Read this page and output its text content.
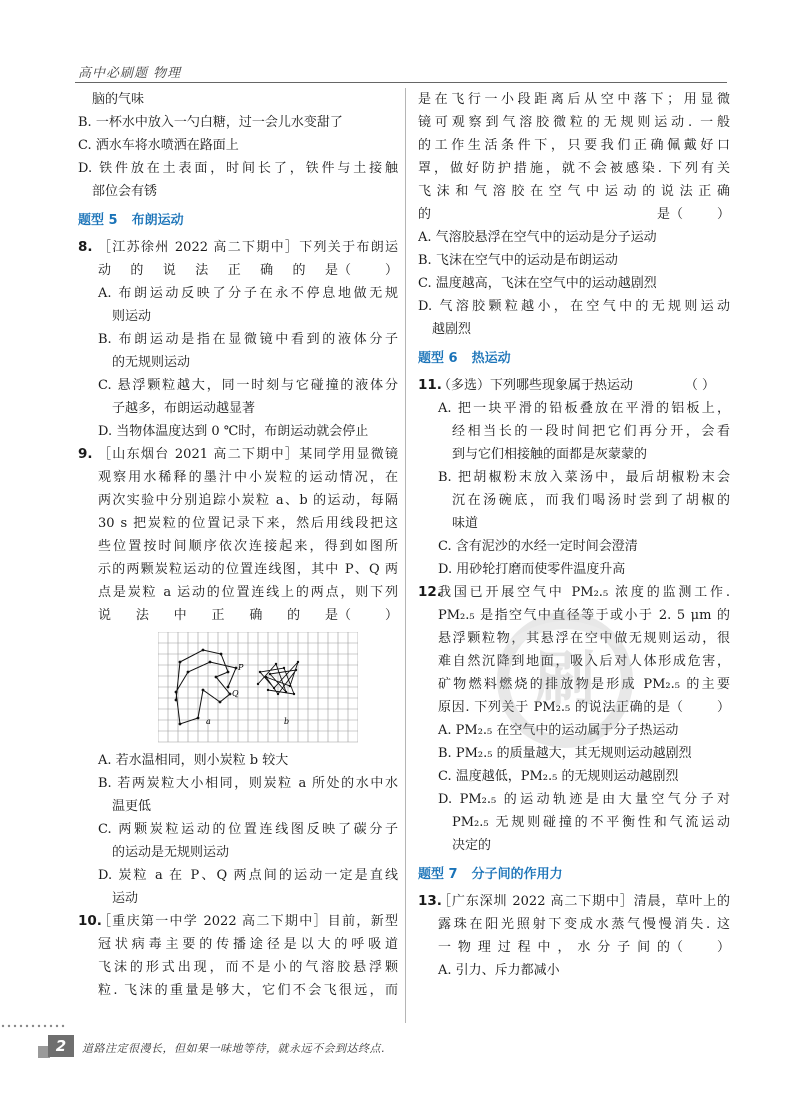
高中必刷题 物理
脑的气味
B. 一杯水中放入一勺白糖，过一会儿水变甜了
C. 洒水车将水喷洒在路面上
D. 铁件放在土表面，时间长了，铁件与土接触
部位会有锈
题型 5 布朗运动
8. ［江苏徐州 2022 高二下期中］下列关于布朗运
动的说法正确的是 （ ）
A. 布朗运动反映了分子在永不停息地做无规
则运动
B. 布朗运动是指在显微镜中看到的液体分子
的无规则运动
C. 悬浮颗粒越大，同一时刻与它碰撞的液体分
子越多，布朗运动越显著
D. 当物体温度达到 0 ℃时，布朗运动就会停止
9. ［山东烟台 2021 高二下期中］某同学用显微镜
观察用水稀释的墨汁中小炭粒的运动情况，在
两次实验中分别追踪小炭粒 a、b 的运动，每隔
30 s 把炭粒的位置记录下来，然后用线段把这
些位置按时间顺序依次连接起来，得到如图所
示的两颗炭粒运动的位置连线图，其中 P、Q 两
点是炭粒 a 运动的位置连线上的两点，则下列
说法中正确的是 （ ）
P
Q
a	b
A. 若水温相同，则小炭粒 b 较大
B. 若两炭粒大小相同，则炭粒 a 所处的水中水
温更低
C. 两颗炭粒运动的位置连线图反映了碳分子
的运动是无规则运动
D. 炭粒 a 在 P、Q 两点间的运动一定是直线
运动
10.
［重庆第一中学 2022 高二下期中］目前，新型
冠状病毒主要的传播途径是以大的呼吸道
飞沫的形式出现，而不是小的气溶胶悬浮颗
粒. 飞沫的重量是够大，它们不会飞很远，而
是在飞行一小段距离后从空中落下；用显微
镜可观察到气溶胶微粒的无规则运动. 一般
的工作生活条件下，只要我们正确佩戴好口
罩，做好防护措施，就不会被感染. 下列有关
飞沫和气溶胶在空气中运动的说法正确
的是 （ ）
A. 气溶胶悬浮在空气中的运动是分子运动
B. 飞沫在空气中的运动是布朗运动
C. 温度越高，飞沫在空气中的运动越剧烈
D. 气溶胶颗粒越小，在空气中的无规则运动
越剧烈
题型 6 热运动
11.
（多选）下列哪些现象属于热运动	（ ）
A. 把一块平滑的铅板叠放在平滑的铝板上，
经相当长的一段时间把它们再分开，会看
到与它们相接触的面都是灰蒙蒙的
B. 把胡椒粉末放入菜汤中，最后胡椒粉末会
沉在汤碗底，而我们喝汤时尝到了胡椒的
味道
C. 含有泥沙的水经一定时间会澄清
D. 用砂轮打磨而使零件温度升高
12.
我国已开展空气中 PM₂.₅ 浓度的监测工作.
PM₂.₅ 是指空气中直径等于或小于 2. 5 μm 的
悬浮颗粒物，其悬浮在空中做无规则运动，很
难自然沉降到地面，吸入后对人体形成危害，
矿物燃料燃烧的排放物是形成 PM₂.₅ 的主要
原因. 下列关于 PM₂.₅ 的说法正确的是 （ ）
A. PM₂.₅ 在空气中的运动属于分子热运动
B. PM₂.₅ 的质量越大，其无规则运动越剧烈
C. 温度越低，PM₂.₅ 的无规则运动越剧烈
D. PM₂.₅ 的运动轨迹是由大量空气分子对
PM₂.₅ 无规则碰撞的不平衡性和气流运动
决定的
题型 7 分子间的作用力
13.
［广东深圳 2022 高二下期中］清晨，草叶上的
露珠在阳光照射下变成水蒸气慢慢消失. 这
一物理过程中，水分子间的 （ ）
A. 引力、斥力都减小
刷
2	道路注定很漫长，但如果一味地等待，就永远不会到达终点.
